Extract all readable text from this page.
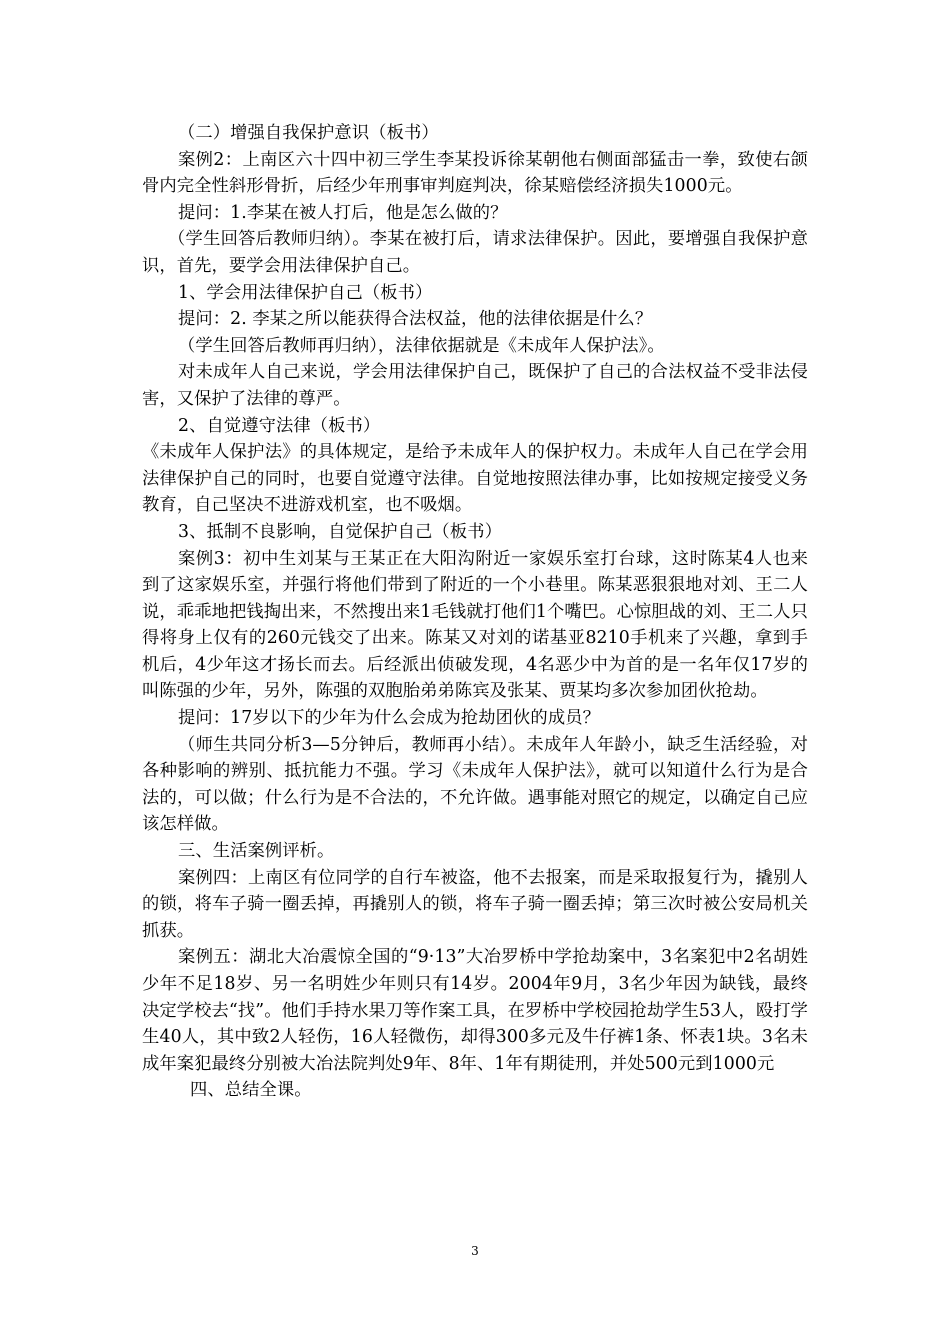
（二）增强自我保护意识（板书）

案例2：上南区六十四中初三学生李某投诉徐某朝他右侧面部猛击一拳，致使右颌骨内完全性斜形骨折，后经少年刑事审判庭判决，徐某赔偿经济损失1000元。

提问：1.李某在被人打后，他是怎么做的？

（学生回答后教师归纳）。李某在被打后，请求法律保护。因此，要增强自我保护意识，首先，要学会用法律保护自己。

1、学会用法律保护自己（板书）

提问：2. 李某之所以能获得合法权益，他的法律依据是什么？

（学生回答后教师再归纳），法律依据就是《未成年人保护法》。

对未成年人自己来说，学会用法律保护自己，既保护了自己的合法权益不受非法侵害，又保护了法律的尊严。

2、自觉遵守法律（板书）

《未成年人保护法》的具体规定，是给予未成年人的保护权力。未成年人自己在学会用法律保护自己的同时，也要自觉遵守法律。自觉地按照法律办事，比如按规定接受义务教育，自己坚决不进游戏机室，也不吸烟。

3、抵制不良影响，自觉保护自己（板书）

案例3：初中生刘某与王某正在大阳沟附近一家娱乐室打台球，这时陈某4人也来到了这家娱乐室，并强行将他们带到了附近的一个小巷里。陈某恶狠狠地对刘、王二人说，乖乖地把钱掏出来，不然搜出来1毛钱就打他们1个嘴巴。心惊胆战的刘、王二人只得将身上仅有的260元钱交了出来。陈某又对刘的诺基亚8210手机来了兴趣，拿到手机后，4少年这才扬长而去。后经派出侦破发现，4名恶少中为首的是一名年仅17岁的叫陈强的少年，另外，陈强的双胞胎弟弟陈宾及张某、贾某均多次参加团伙抢劫。

提问：17岁以下的少年为什么会成为抢劫团伙的成员？

（师生共同分析3—5分钟后，教师再小结）。未成年人年龄小，缺乏生活经验，对各种影响的辨别、抵抗能力不强。学习《未成年人保护法》，就可以知道什么行为是合法的，可以做；什么行为是不合法的，不允许做。遇事能对照它的规定，以确定自己应该怎样做。

三、生活案例评析。

案例四：上南区有位同学的自行车被盗，他不去报案，而是采取报复行为，撬别人的锁，将车子骑一圈丢掉，再撬别人的锁，将车子骑一圈丢掉；第三次时被公安局机关抓获。

案例五：湖北大冶震惊全国的“9·13”大冶罗桥中学抢劫案中，3名案犯中2名胡姓少年不足18岁、另一名明姓少年则只有14岁。2004年9月，3名少年因为缺钱，最终决定学校去“找”。他们手持水果刀等作案工具，在罗桥中学校园抢劫学生53人，殴打学生40人，其中致2人轻伤，16人轻微伤，却得300多元及牛仔裤1条、怀表1块。3名未成年案犯最终分别被大冶法院判处9年、8年、1年有期徒刑，并处500元到1000元

四、总结全课。

3
